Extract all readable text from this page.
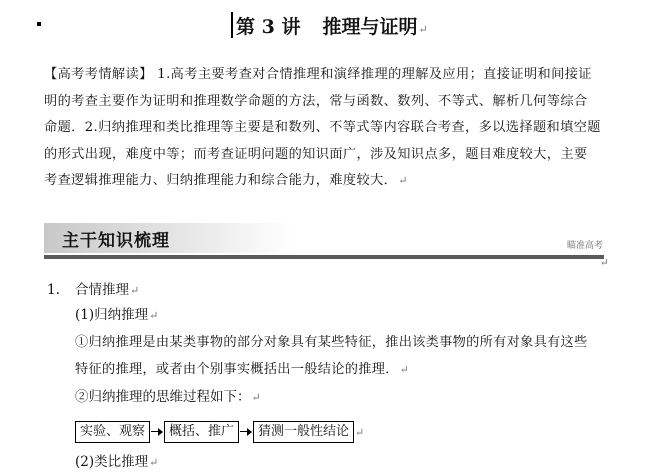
第 3 讲 推理与证明↵
【高考考情解读】 1.高考主要考查对合情推理和演绎推理的理解及应用；直接证明和间接证
明的考查主要作为证明和推理数学命题的方法，常与函数、数列、不等式、解析几何等综合
命题．2.归纳推理和类比推理等主要是和数列、不等式等内容联合考查，多以选择题和填空题
的形式出现，难度中等；而考查证明问题的知识面广，涉及知识点多，题目难度较大，主要
考查逻辑推理能力、归纳推理能力和综合能力，难度较大．↵
主干知识梳理	瞄准高考
↵
1. 合情推理↵
(1)归纳推理↵
①归纳推理是由某类事物的部分对象具有某些特征，推出该类事物的所有对象具有这些
特征的推理，或者由个别事实概括出一般结论的推理．↵
②归纳推理的思维过程如下：↵
实验、观察	概括、推广	猜测一般性结论 ↵
(2)类比推理↵
